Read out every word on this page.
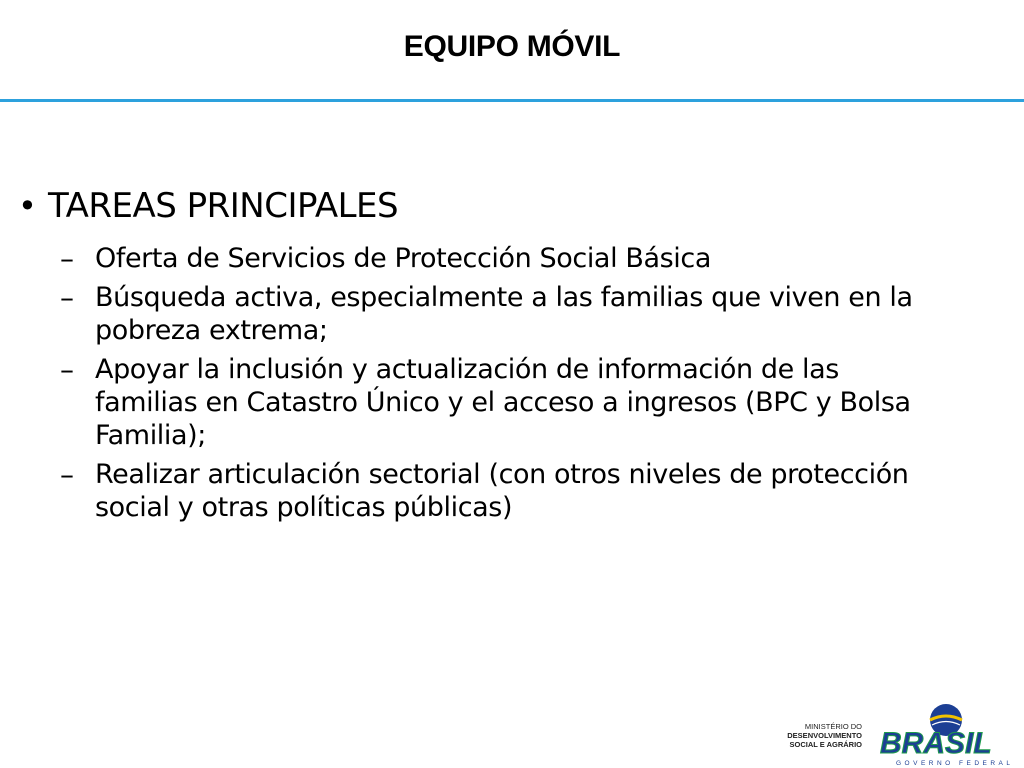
EQUIPO MÓVIL
• TAREAS PRINCIPALES
– Oferta de Servicios de Protección Social Básica
– Búsqueda activa, especialmente a las familias que viven en la pobreza extrema;
– Apoyar la inclusión y actualización de información de las familias en Catastro Único y el acceso a ingresos (BPC y Bolsa Familia);
– Realizar articulación sectorial (con otros niveles de protección social y otras políticas públicas)
MINISTÉRIO DO
DESENVOLVIMENTO
SOCIAL E AGRÁRIO BRASIL
GOVERNO FEDERAL
